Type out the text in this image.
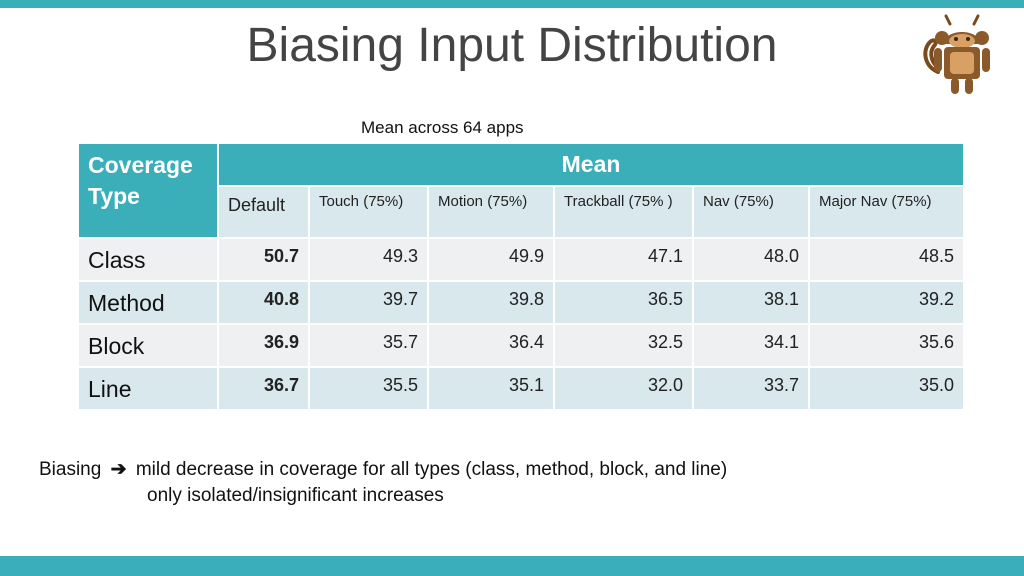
Biasing Input Distribution
Mean across 64 apps
Coverage Type	Mean					
	Default	Touch (75%)	Motion (75%)	Trackball (75% )	Nav (75%)	Major Nav (75%)
Class	50.7	49.3	49.9	47.1	48.0	48.5
Method	40.8	39.7	39.8	36.5	38.1	39.2
Block	36.9	35.7	36.4	32.5	34.1	35.6
Line	36.7	35.5	35.1	32.0	33.7	35.0
Biasing ➔ mild decrease in coverage for all types (class, method, block, and line)
only isolated/insignificant increases
